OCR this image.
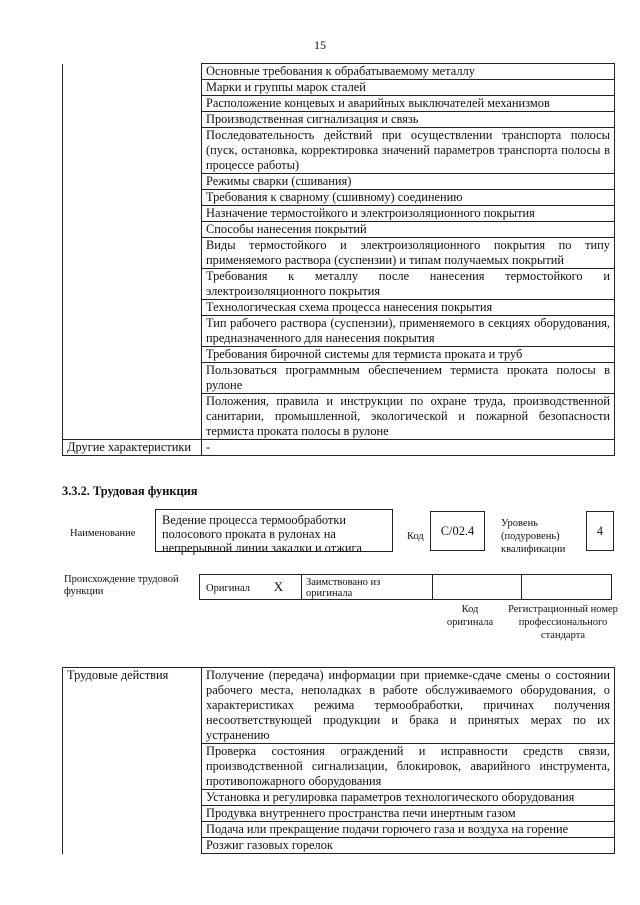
15
	Основные требования к обрабатываемому металлу
	Марки и группы марок сталей
	Расположение концевых и аварийных выключателей механизмов
	Производственная сигнализация и связь
	Последовательность действий при осуществлении транспорта полосы (пуск, остановка, корректировка значений параметров транспорта полосы в процессе работы)
	Режимы сварки (сшивания)
	Требования к сварному (сшивному) соединению
	Назначение термостойкого и электроизоляционного покрытия
	Способы нанесения покрытий
	Виды термостойкого и электроизоляционного покрытия по типу применяемого раствора (суспензии) и типам получаемых покрытий
	Требования к металлу после нанесения термостойкого и электроизоляционного покрытия
	Технологическая схема процесса нанесения покрытия
	Тип рабочего раствора (суспензии), применяемого в секциях оборудования, предназначенного для нанесения покрытия
	Требования бирочной системы для термиста проката и труб
	Пользоваться программным обеспечением термиста проката полосы в рулоне
	Положения, правила и инструкции по охране труда, производственной санитарии, промышленной, экологической и пожарной безопасности термиста проката полосы в рулоне
Другие характеристики	-
3.3.2. Трудовая функция
Наименование
Ведение процесса термообработки полосового проката в рулонах на непрерывной линии закалки и отжига
Код	C/02.4
Уровень (подуровень) квалификации
4
Происхождение трудовой функции	Оригинал	X	Заимствовано из оригинала
Код оригинала
Регистрационный номер профессионального стандарта
Трудовые действия	Получение (передача) информации при приемке-сдаче смены о состоянии рабочего места, неполадках в работе обслуживаемого оборудования, о характеристиках режима термообработки, причинах получения несоответствующей продукции и брака и принятых мерах по их устранению
Проверка состояния ограждений и исправности средств связи, производственной сигнализации, блокировок, аварийного инструмента, противопожарного оборудования
Установка и регулировка параметров технологического оборудования
Продувка внутреннего пространства печи инертным газом
Подача или прекращение подачи горючего газа и воздуха на горение
Розжиг газовых горелок
